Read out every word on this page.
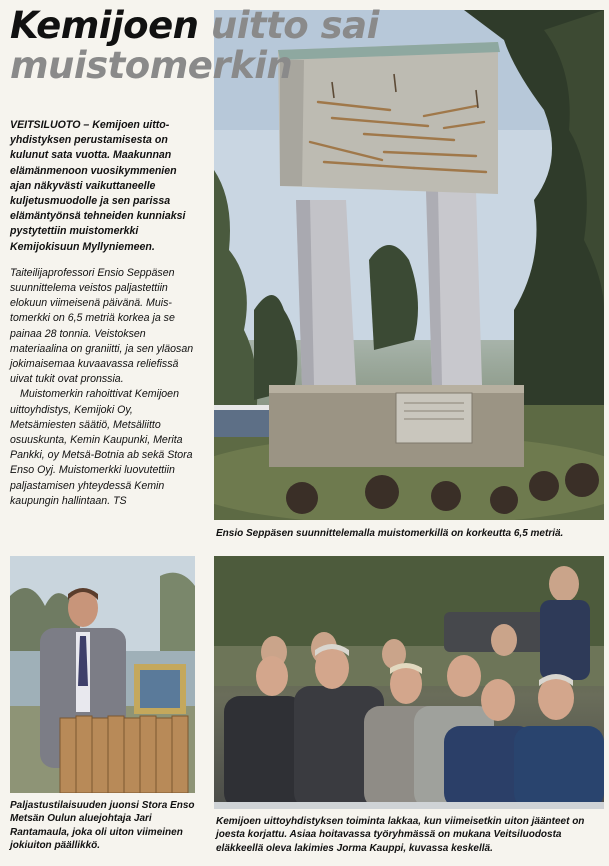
Kemijoen uitto sai
muistomerkin

Ensio Seppäsen suunnittelemalla muistomerkillä on korkeutta 6,5 metriä.

VEITSILUOTO – Kemijoen uittoyhdistyksen perustamisesta on kulunut sata vuotta. Maakunnan elämänmenoon vuosikymmenien ajan näkyvästi vaikuttaneelle kuljetusmuodolle ja sen parissa elämäntyönsä tehneiden kunniaksi pystytettiin muistomerkki Kemijokisuun Myllyniemeen.

Taiteilijaprofessori Ensio Seppäsen suunnittelema veistos paljastettiin elokuun viimeisenä päivänä. Muistomerkki on 6,5 metriä korkea ja se painaa 28 tonnia. Veistoksen materiaalina on graniitti, ja sen yläosan jokimaisemaa kuvaavassa reliefissä uivat tukit ovat pronssia.

Muistomerkin rahoittivat Kemijoen uittoyhdistys, Kemijoki Oy, Metsämiesten säätiö, Metsäliitto osuuskunta, Kemin Kaupunki, Merita Pankki, oy Metsä-Botnia ab sekä Stora Enso Oyj. Muistomerkki luovutettiin paljastamisen yhteydessä Kemin kaupungin hallintaan. TS

Paljastustilaisuuden juonsi Stora Enso Metsän Oulun aluejohtaja Jari Rantamaula, joka oli uiton viimeinen jokiuiton päällikkö.

Kemijoen uittoyhdistyksen toiminta lakkaa, kun viimeisetkin uiton jäänteet on joesta korjattu. Asiaa hoitavassa työryhmässä on mukana Veitsiluodosta eläkkeellä oleva lakimies Jorma Kauppi, kuvassa keskellä.
